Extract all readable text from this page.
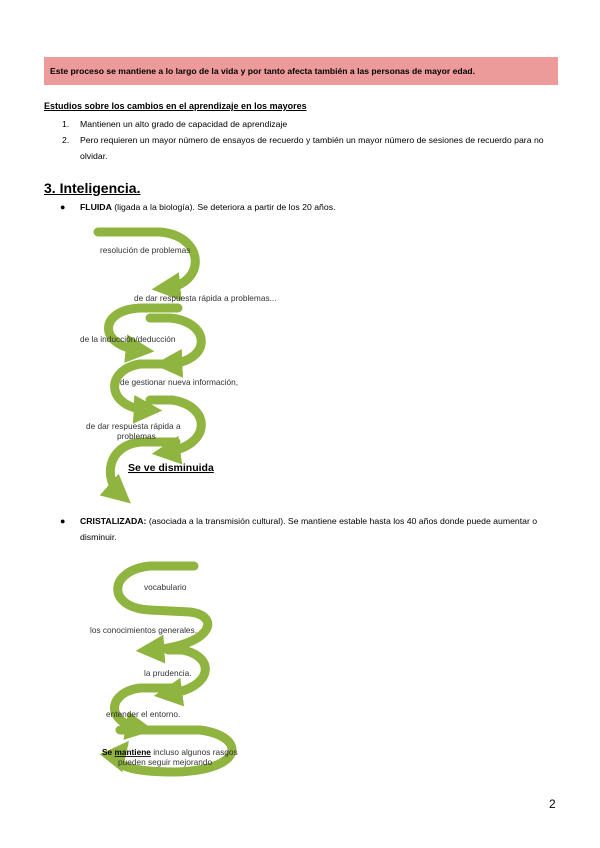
Este proceso se mantiene a lo largo de la vida y por tanto afecta también a las personas de mayor edad.
Estudios sobre los cambios en el aprendizaje en los mayores
1.	Mantienen un alto grado de capacidad de aprendizaje
2.	Pero requieren un mayor número de ensayos de recuerdo y también un mayor número de sesiones de recuerdo para no olvidar.
3. Inteligencia.
●	FLUIDA (ligada a la biología). Se deteriora a partir de los 20 años.
●	CRISTALIZADA: (asociada a la transmisión cultural). Se mantiene estable hasta los 40 años donde puede aumentar o disminuir.
resolución de problemas
de dar respuesta rápida a problemas...
de la inducción/deducción
de gestionar nueva información,
de dar respuesta rápida a
problemas
Se ve disminuida
vocabulario
los conocimientos generales.
la prudencia.
entender el entorno.
Se mantiene incluso algunos rasgos
pueden seguir mejorando
2
